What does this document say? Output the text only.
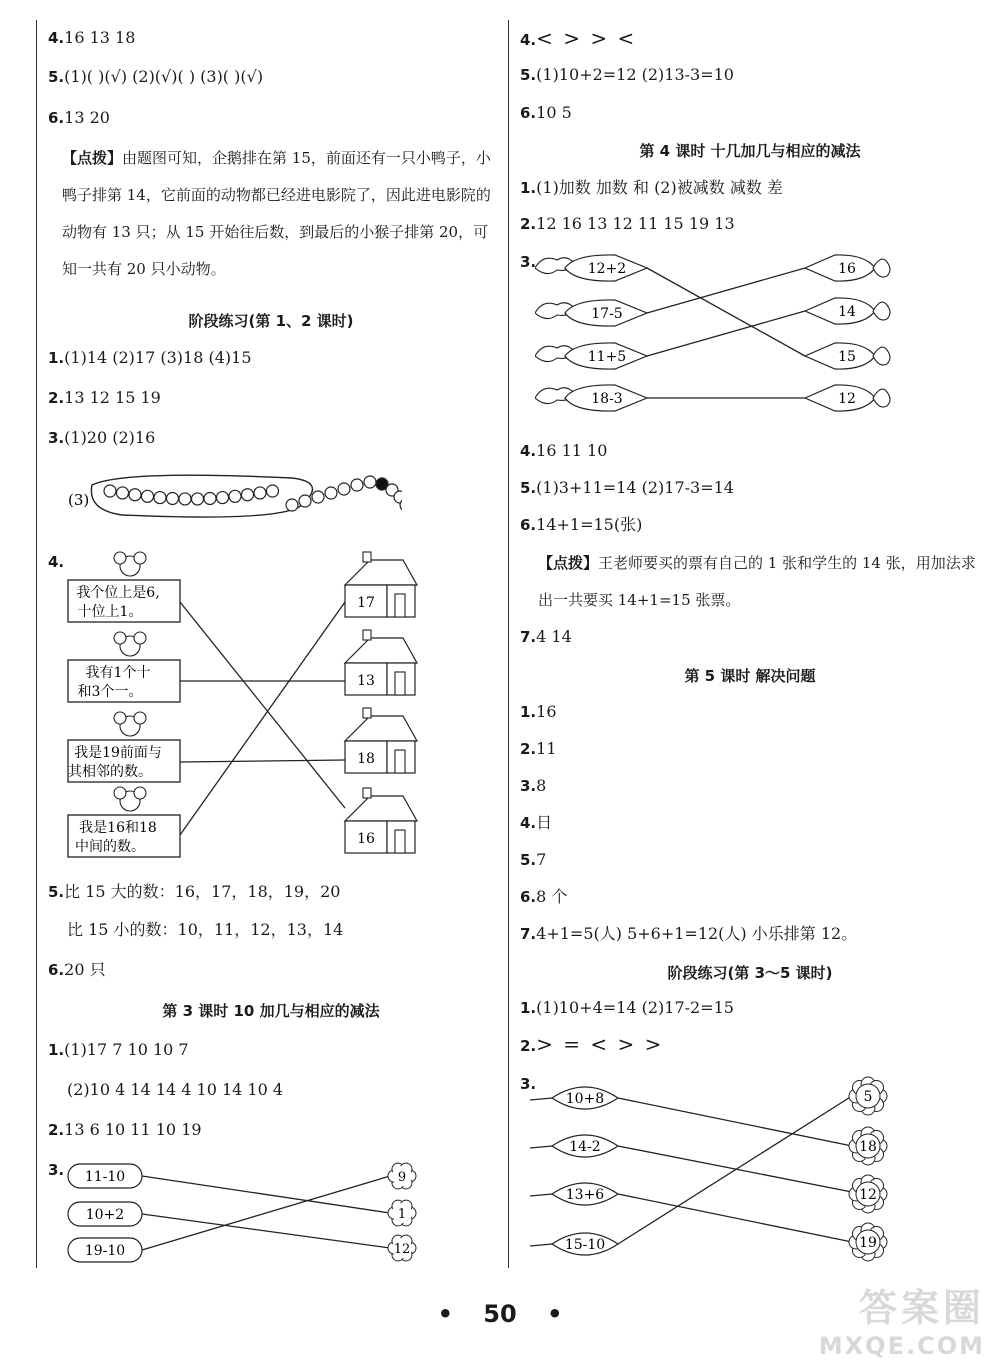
4.16 13 18
5.(1)( )(√) (2)(√)( ) (3)( )(√)
6.13 20
【点拨】由题图可知，企鹅排在第 15，前面还有一只小鸭子，小鸭子排第 14，它前面的动物都已经进电影院了，因此进电影院的动物有 13 只；从 15 开始往后数，到最后的小猴子排第 20，可知一共有 20 只小动物。
阶段练习(第 1、2 课时)
1.(1)14 (2)17 (3)18 (4)15
2.13 12 15 19
3.(1)20 (2)16
(3)
4.
我个位上是6,
十位上1。
我有1个十
和3个一。
我是19前面与
其相邻的数。
我是16和18
中间的数。
17
13
18
16
5.比 15 大的数：16，17，18，19，20
比 15 小的数：10，11，12，13，14
6.20 只
第 3 课时 10 加几与相应的减法
1.(1)17 7 10 10 7
(2)10 4 14 14 4 10 14 10 4
2.13 6 10 11 10 19
3. 11-10
10+2
19-10
9
1
12
4.< > > <
5.(1)10+2=12 (2)13-3=10
6.10 5
第 4 课时 十几加几与相应的减法
1.(1)加数 加数 和 (2)被减数 减数 差
2.12 16 13 12 11 15 19 13
3.	12+2
17-5
11+5
18-3
16
14
15
12
4.16 11 10
5.(1)3+11=14 (2)17-3=14
6.14+1=15(张)
【点拨】王老师要买的票有自己的 1 张和学生的 14 张，用加法求出一共要买 14+1=15 张票。
7.4 14
第 5 课时 解决问题
1.16
2.11
3.8
4.日
5.7
6.8 个
7.4+1=5(人) 5+6+1=12(人) 小乐排第 12。
阶段练习(第 3～5 课时)
1.(1)10+4=14 (2)17-2=15
2.> = < > >
3.
10+8
14-2
13+6
15-10
5
18
12
19
• 50 •	答案圈
MXQE.COM
